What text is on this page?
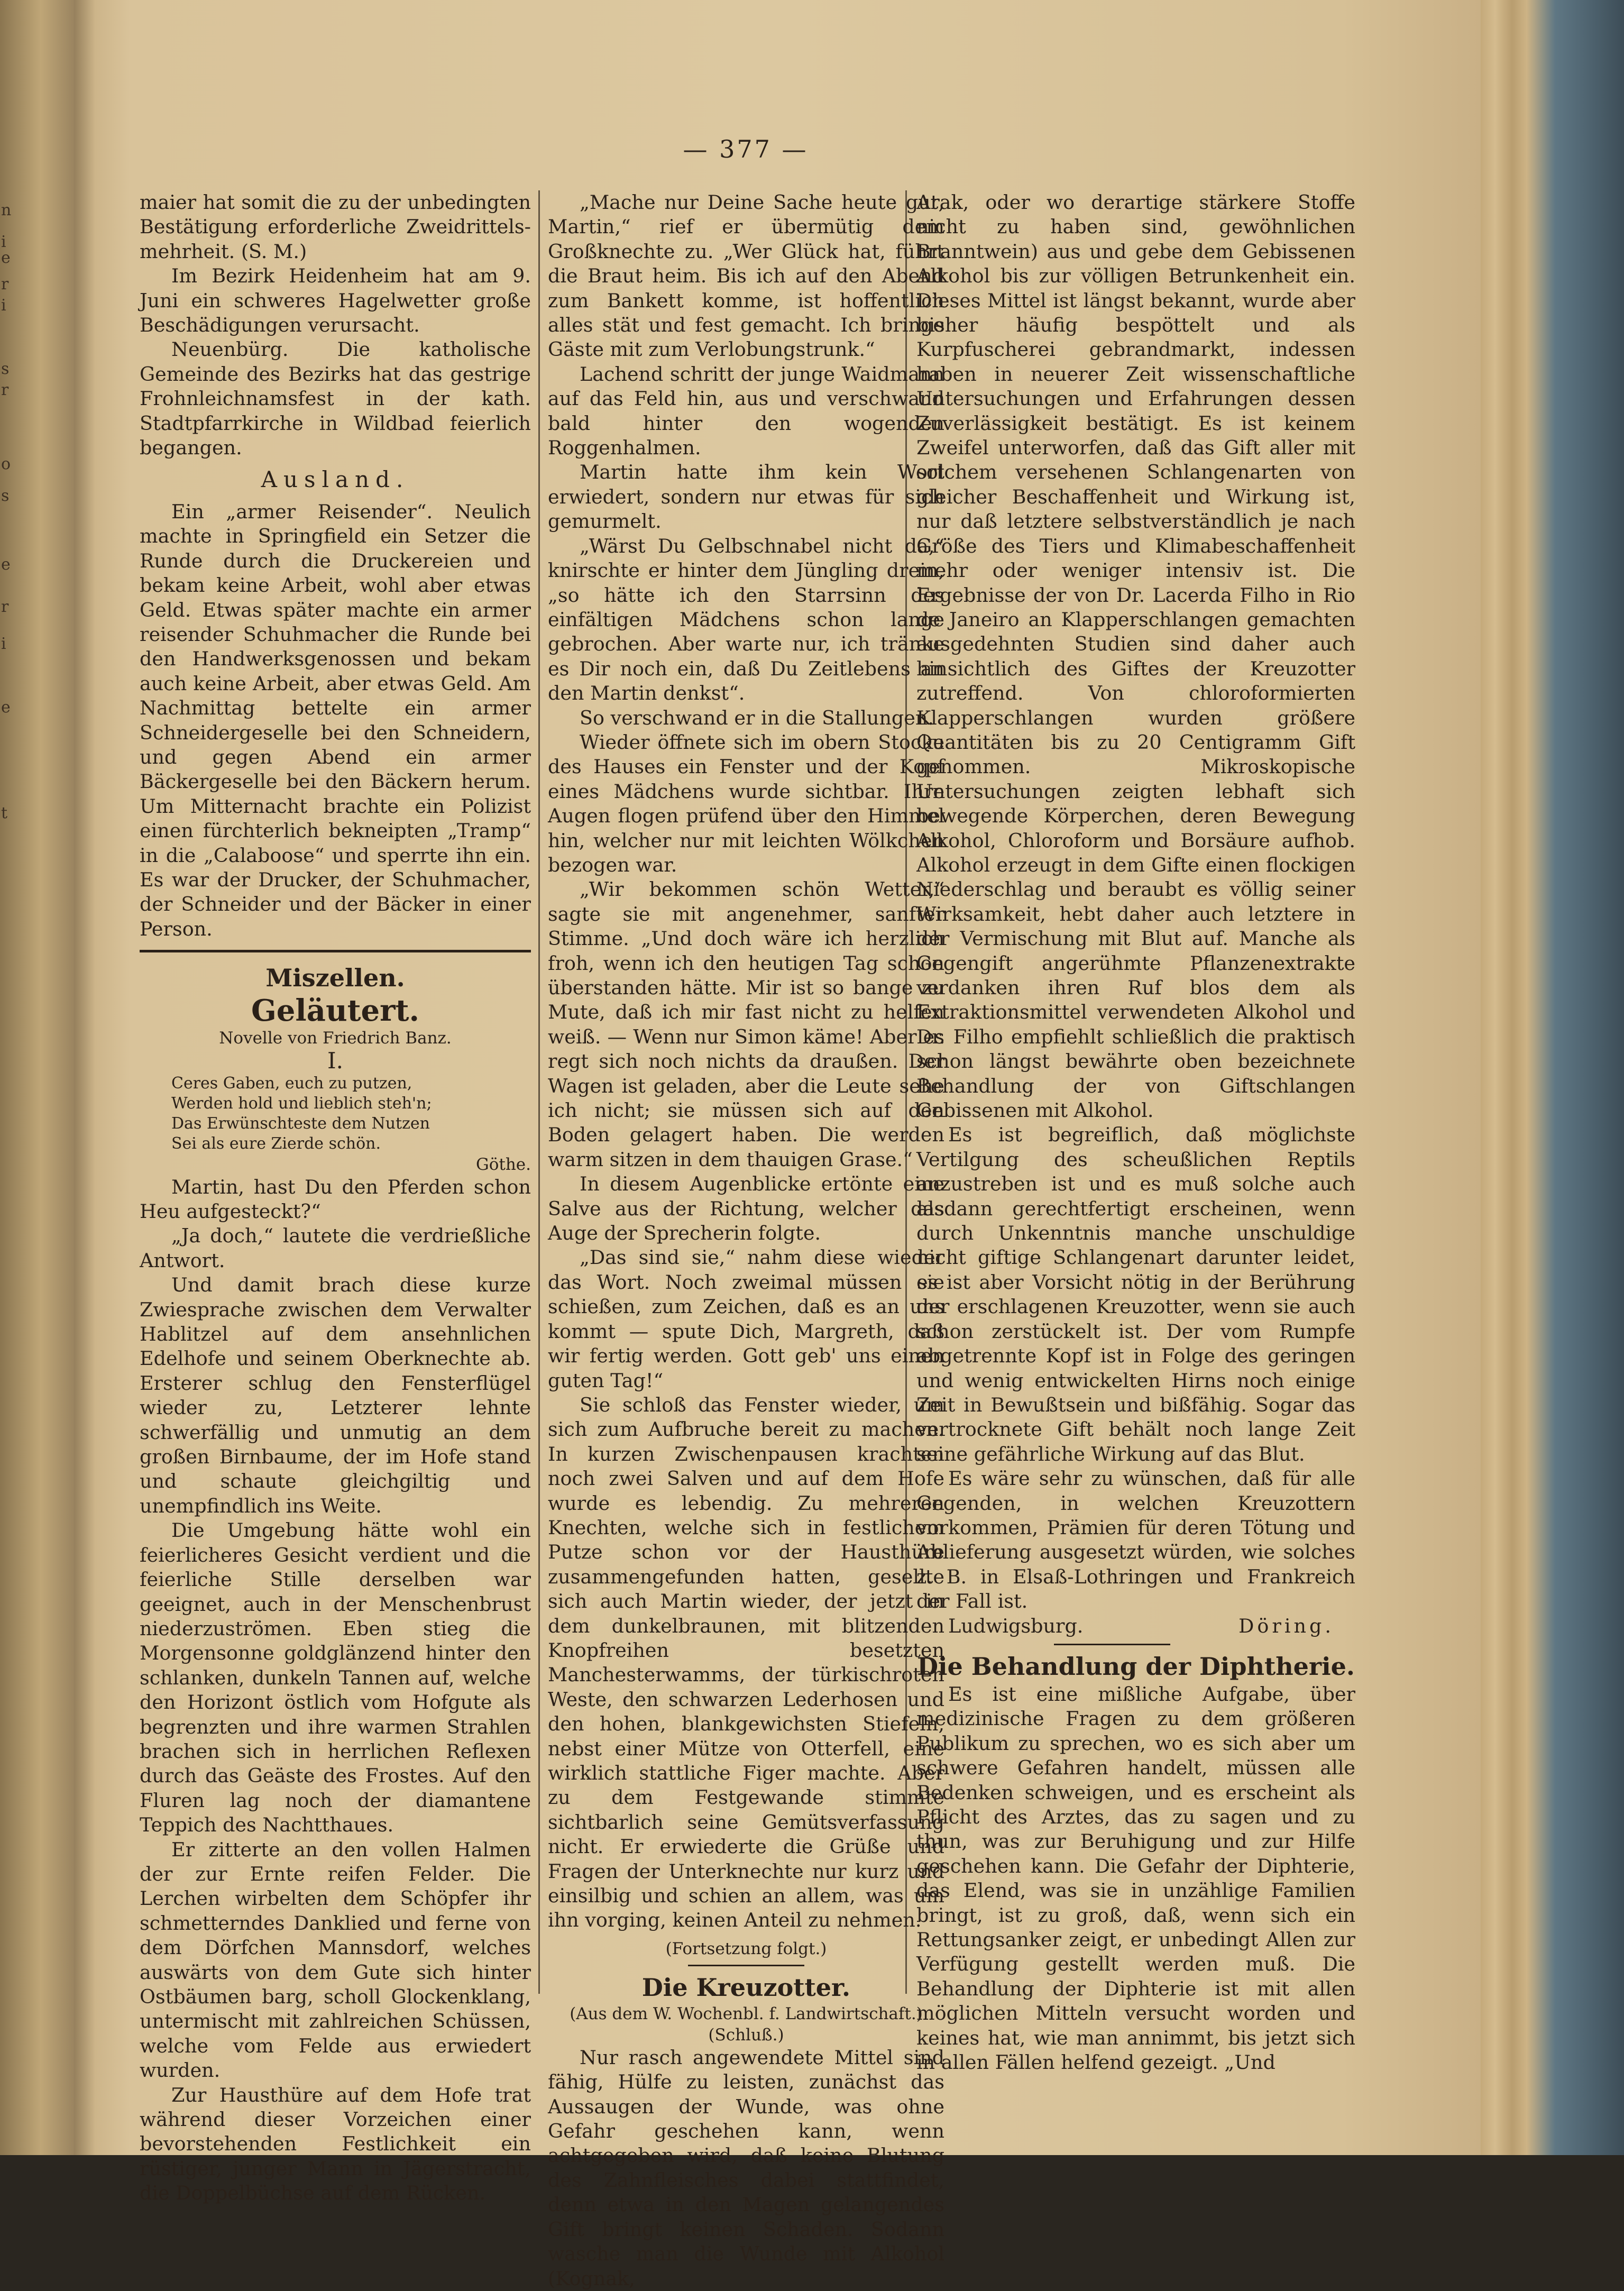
n
i
e
r
i
s
r
o
s
e
r
i
e
t
— 377 —

maier hat somit die zu der unbedingten Bestätigung erforderliche Zweidrittels-mehrheit. (S. M.)

Im Bezirk Heidenheim hat am 9. Juni ein schweres Hagelwetter große Beschädigungen verursacht.

Neuenbürg. Die katholische Gemeinde des Bezirks hat das gestrige Frohnleichnamsfest in der kath. Stadtpfarrkirche in Wildbad feierlich begangen.

Ausland.

Ein „armer Reisender“. Neulich machte in Springfield ein Setzer die Runde durch die Druckereien und bekam keine Arbeit, wohl aber etwas Geld. Etwas später machte ein armer reisender Schuhmacher die Runde bei den Handwerksgenossen und bekam auch keine Arbeit, aber etwas Geld. Am Nachmittag bettelte ein armer Schneidergeselle bei den Schneidern, und gegen Abend ein armer Bäckergeselle bei den Bäckern herum. Um Mitternacht brachte ein Polizist einen fürchterlich bekneipten „Tramp“ in die „Calaboose“ und sperrte ihn ein. Es war der Drucker, der Schuhmacher, der Schneider und der Bäcker in einer Person.

Miszellen.

Geläutert.

Novelle von Friedrich Banz.

I.

Ceres Gaben, euch zu putzen,

Werden hold und lieblich steh'n;

Das Erwünschteste dem Nutzen

Sei als eure Zierde schön.

Göthe.

Martin, hast Du den Pferden schon Heu aufgesteckt?“

„Ja doch,“ lautete die verdrießliche Antwort.

Und damit brach diese kurze Zwiesprache zwischen dem Verwalter Hablitzel auf dem ansehnlichen Edelhofe und seinem Oberknechte ab. Ersterer schlug den Fensterflügel wieder zu, Letzterer lehnte schwerfällig und unmutig an dem großen Birnbaume, der im Hofe stand und schaute gleichgiltig und unempfindlich ins Weite.

Die Umgebung hätte wohl ein feierlicheres Gesicht verdient und die feierliche Stille derselben war geeignet, auch in der Menschenbrust niederzuströmen. Eben stieg die Morgensonne goldglänzend hinter den schlanken, dunkeln Tannen auf, welche den Horizont östlich vom Hofgute als begrenzten und ihre warmen Strahlen brachen sich in herrlichen Reflexen durch das Geäste des Frostes. Auf den Fluren lag noch der diamantene Teppich des Nachtthaues.

Er zitterte an den vollen Halmen der zur Ernte reifen Felder. Die Lerchen wirbelten dem Schöpfer ihr schmetterndes Danklied und ferne von dem Dörfchen Mannsdorf, welches auswärts von dem Gute sich hinter Ostbäumen barg, scholl Glockenklang, untermischt mit zahlreichen Schüssen, welche vom Felde aus erwiedert wurden.

Zur Hausthüre auf dem Hofe trat während dieser Vorzeichen einer bevorstehenden Festlichkeit ein rüstiger, junger Mann in Jägerstracht, die Doppelbüchse auf dem Rücken.

„Mache nur Deine Sache heute gut, Martin,“ rief er übermütig dem Großknechte zu. „Wer Glück hat, führt die Braut heim. Bis ich auf den Abend zum Bankett komme, ist hoffentlich alles stät und fest gemacht. Ich bringe Gäste mit zum Verlobungstrunk.“

Lachend schritt der junge Waidmann auf das Feld hin, aus und verschwand bald hinter den wogenden Roggenhalmen.

Martin hatte ihm kein Wort erwiedert, sondern nur etwas für sich gemurmelt.

„Wärst Du Gelbschnabel nicht da,“ knirschte er hinter dem Jüngling drein, „so hätte ich den Starrsinn des einfältigen Mädchens schon lange gebrochen. Aber warte nur, ich tränke es Dir noch ein, daß Du Zeitlebens an den Martin denkst“.

So verschwand er in die Stallungen.

Wieder öffnete sich im obern Stocke des Hauses ein Fenster und der Kopf eines Mädchens wurde sichtbar. Ihre Augen flogen prüfend über den Himmel hin, welcher nur mit leichten Wölkchen bezogen war.

„Wir bekommen schön Wetter,“ sagte sie mit angenehmer, sanfter Stimme. „Und doch wäre ich herzlich froh, wenn ich den heutigen Tag schon überstanden hätte. Mir ist so bange zu Mute, daß ich mir fast nicht zu helfen weiß. — Wenn nur Simon käme! Aber es regt sich noch nichts da draußen. Der Wagen ist geladen, aber die Leute sehe ich nicht; sie müssen sich auf den Boden gelagert haben. Die werden warm sitzen in dem thauigen Grase.“

In diesem Augenblicke ertönte eine Salve aus der Richtung, welcher das Auge der Sprecherin folgte.

„Das sind sie,“ nahm diese wieder das Wort. Noch zweimal müssen sie schießen, zum Zeichen, daß es an uns kommt — spute Dich, Margreth, daß wir fertig werden. Gott geb' uns einen guten Tag!“

Sie schloß das Fenster wieder, um sich zum Aufbruche bereit zu machen. In kurzen Zwischenpausen krachten noch zwei Salven und auf dem Hofe wurde es lebendig. Zu mehreren Knechten, welche sich in festlichem Putze schon vor der Hausthüre zusammengefunden hatten, gesellte sich auch Martin wieder, der jetzt in dem dunkelbraunen, mit blitzenden Knopfreihen besetzten Manchesterwamms, der türkischroten Weste, den schwarzen Lederhosen und den hohen, blankgewichsten Stiefeln, nebst einer Mütze von Otterfell, eine wirklich stattliche Figer machte. Aber zu dem Festgewande stimmte sichtbarlich seine Gemütsverfassung nicht. Er erwiederte die Grüße und Fragen der Unterknechte nur kurz und einsilbig und schien an allem, was um ihn vorging, keinen Anteil zu nehmen.

(Fortsetzung folgt.)

Die Kreuzotter.

(Aus dem W. Wochenbl. f. Landwirtschaft.)

(Schluß.)

Nur rasch angewendete Mittel sind fähig, Hülfe zu leisten, zunächst das Aussaugen der Wunde, was ohne Gefahr geschehen kann, wenn achtgegeben wird, daß keine Blutung des Zahnfleisches dabei stattfindet, denn etwa in den Magen gelangendes Gift bringt keinen Schaden. Sodann wasche man die Wunde mit Alkohol (Kognak,

Arak, oder wo derartige stärkere Stoffe nicht zu haben sind, gewöhnlichen Branntwein) aus und gebe dem Gebissenen Alkohol bis zur völligen Betrunkenheit ein. Dieses Mittel ist längst bekannt, wurde aber bisher häufig bespöttelt und als Kurpfuscherei gebrandmarkt, indessen haben in neuerer Zeit wissenschaftliche Untersuchungen und Erfahrungen dessen Zuverlässigkeit bestätigt. Es ist keinem Zweifel unterworfen, daß das Gift aller mit solchem versehenen Schlangenarten von gleicher Beschaffenheit und Wirkung ist, nur daß letztere selbstverständlich je nach Größe des Tiers und Klimabeschaffenheit mehr oder weniger intensiv ist. Die Ergebnisse der von Dr. Lacerda Filho in Rio de Janeiro an Klapperschlangen gemachten ausgedehnten Studien sind daher auch hinsichtlich des Giftes der Kreuzotter zutreffend. Von chloroformierten Klapperschlangen wurden größere Quantitäten bis zu 20 Centigramm Gift genommen. Mikroskopische Untersuchungen zeigten lebhaft sich bewegende Körperchen, deren Bewegung Alkohol, Chloroform und Borsäure aufhob. Alkohol erzeugt in dem Gifte einen flockigen Niederschlag und beraubt es völlig seiner Wirksamkeit, hebt daher auch letztere in der Vermischung mit Blut auf. Manche als Gegengift angerühmte Pflanzenextrakte verdanken ihren Ruf blos dem als Extraktionsmittel verwendeten Alkohol und Dr. Filho empfiehlt schließlich die praktisch schon längst bewährte oben bezeichnete Behandlung der von Giftschlangen Gebissenen mit Alkohol.

Es ist begreiflich, daß möglichste Vertilgung des scheußlichen Reptils anzustreben ist und es muß solche auch alsdann gerechtfertigt erscheinen, wenn durch Unkenntnis manche unschuldige nicht giftige Schlangenart darunter leidet, es ist aber Vorsicht nötig in der Berührung der erschlagenen Kreuzotter, wenn sie auch schon zerstückelt ist. Der vom Rumpfe abgetrennte Kopf ist in Folge des geringen und wenig entwickelten Hirns noch einige Zeit in Bewußtsein und bißfähig. Sogar das vertrocknete Gift behält noch lange Zeit seine gefährliche Wirkung auf das Blut.

Es wäre sehr zu wünschen, daß für alle Gegenden, in welchen Kreuzottern vorkommen, Prämien für deren Tötung und Ablieferung ausgesetzt würden, wie solches z. B. in Elsaß-Lothringen und Frankreich der Fall ist.

Ludwigsburg.	Döring.

Die Behandlung der Diphtherie.

Es ist eine mißliche Aufgabe, über medizinische Fragen zu dem größeren Publikum zu sprechen, wo es sich aber um schwere Gefahren handelt, müssen alle Bedenken schweigen, und es erscheint als Pflicht des Arztes, das zu sagen und zu thun, was zur Beruhigung und zur Hilfe geschehen kann. Die Gefahr der Diphterie, das Elend, was sie in unzählige Familien bringt, ist zu groß, daß, wenn sich ein Rettungsanker zeigt, er unbedingt Allen zur Verfügung gestellt werden muß. Die Behandlung der Diphterie ist mit allen möglichen Mitteln versucht worden und keines hat, wie man annimmt, bis jetzt sich in allen Fällen helfend gezeigt. „Und
